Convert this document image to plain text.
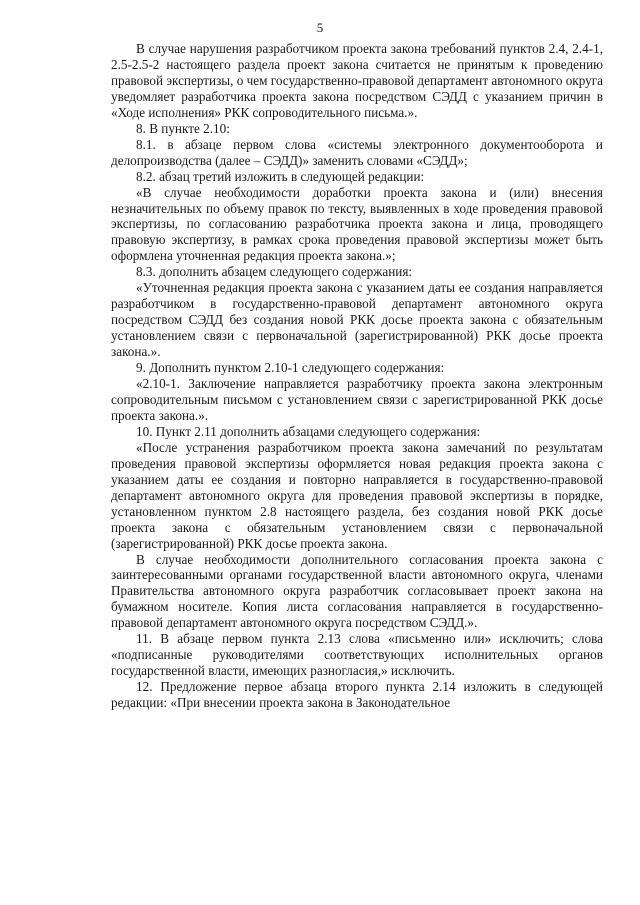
5

В случае нарушения разработчиком проекта закона требований пунктов 2.4, 2.4-1, 2.5-2.5-2 настоящего раздела проект закона считается не принятым к проведению правовой экспертизы, о чем государственно-правовой департамент автономного округа уведомляет разработчика проекта закона посредством СЭДД с указанием причин в «Ходе исполнения» РКК сопроводительного письма.».

8. В пункте 2.10:

8.1. в абзаце первом слова «системы электронного документооборота и делопроизводства (далее – СЭДД)» заменить словами «СЭДД»;

8.2. абзац третий изложить в следующей редакции:

«В случае необходимости доработки проекта закона и (или) внесения незначительных по объему правок по тексту, выявленных в ходе проведения правовой экспертизы, по согласованию разработчика проекта закона и лица, проводящего правовую экспертизу, в рамках срока проведения правовой экспертизы может быть оформлена уточненная редакция проекта закона.»;

8.3. дополнить абзацем следующего содержания:

«Уточненная редакция проекта закона с указанием даты ее создания направляется разработчиком в государственно-правовой департамент автономного округа посредством СЭДД без создания новой РКК досье проекта закона с обязательным установлением связи с первоначальной (зарегистрированной) РКК досье проекта закона.».

9. Дополнить пунктом 2.10-1 следующего содержания:

«2.10-1. Заключение направляется разработчику проекта закона электронным сопроводительным письмом с установлением связи с зарегистрированной РКК досье проекта закона.».

10. Пункт 2.11 дополнить абзацами следующего содержания:

«После устранения разработчиком проекта закона замечаний по результатам проведения правовой экспертизы оформляется новая редакция проекта закона с указанием даты ее создания и повторно направляется в государственно-правовой департамент автономного округа для проведения правовой экспертизы в порядке, установленном пунктом 2.8 настоящего раздела, без создания новой РКК досье проекта закона с обязательным установлением связи с первоначальной (зарегистрированной) РКК досье проекта закона.

В случае необходимости дополнительного согласования проекта закона с заинтересованными органами государственной власти автономного округа, членами Правительства автономного округа разработчик согласовывает проект закона на бумажном носителе. Копия листа согласования направляется в государственно-правовой департамент автономного округа посредством СЭДД.».

11. В абзаце первом пункта 2.13 слова «письменно или» исключить; слова «подписанные руководителями соответствующих исполнительных органов государственной власти, имеющих разногласия,» исключить.

12. Предложение первое абзаца второго пункта 2.14 изложить в следующей редакции: «При внесении проекта закона в Законодательное
